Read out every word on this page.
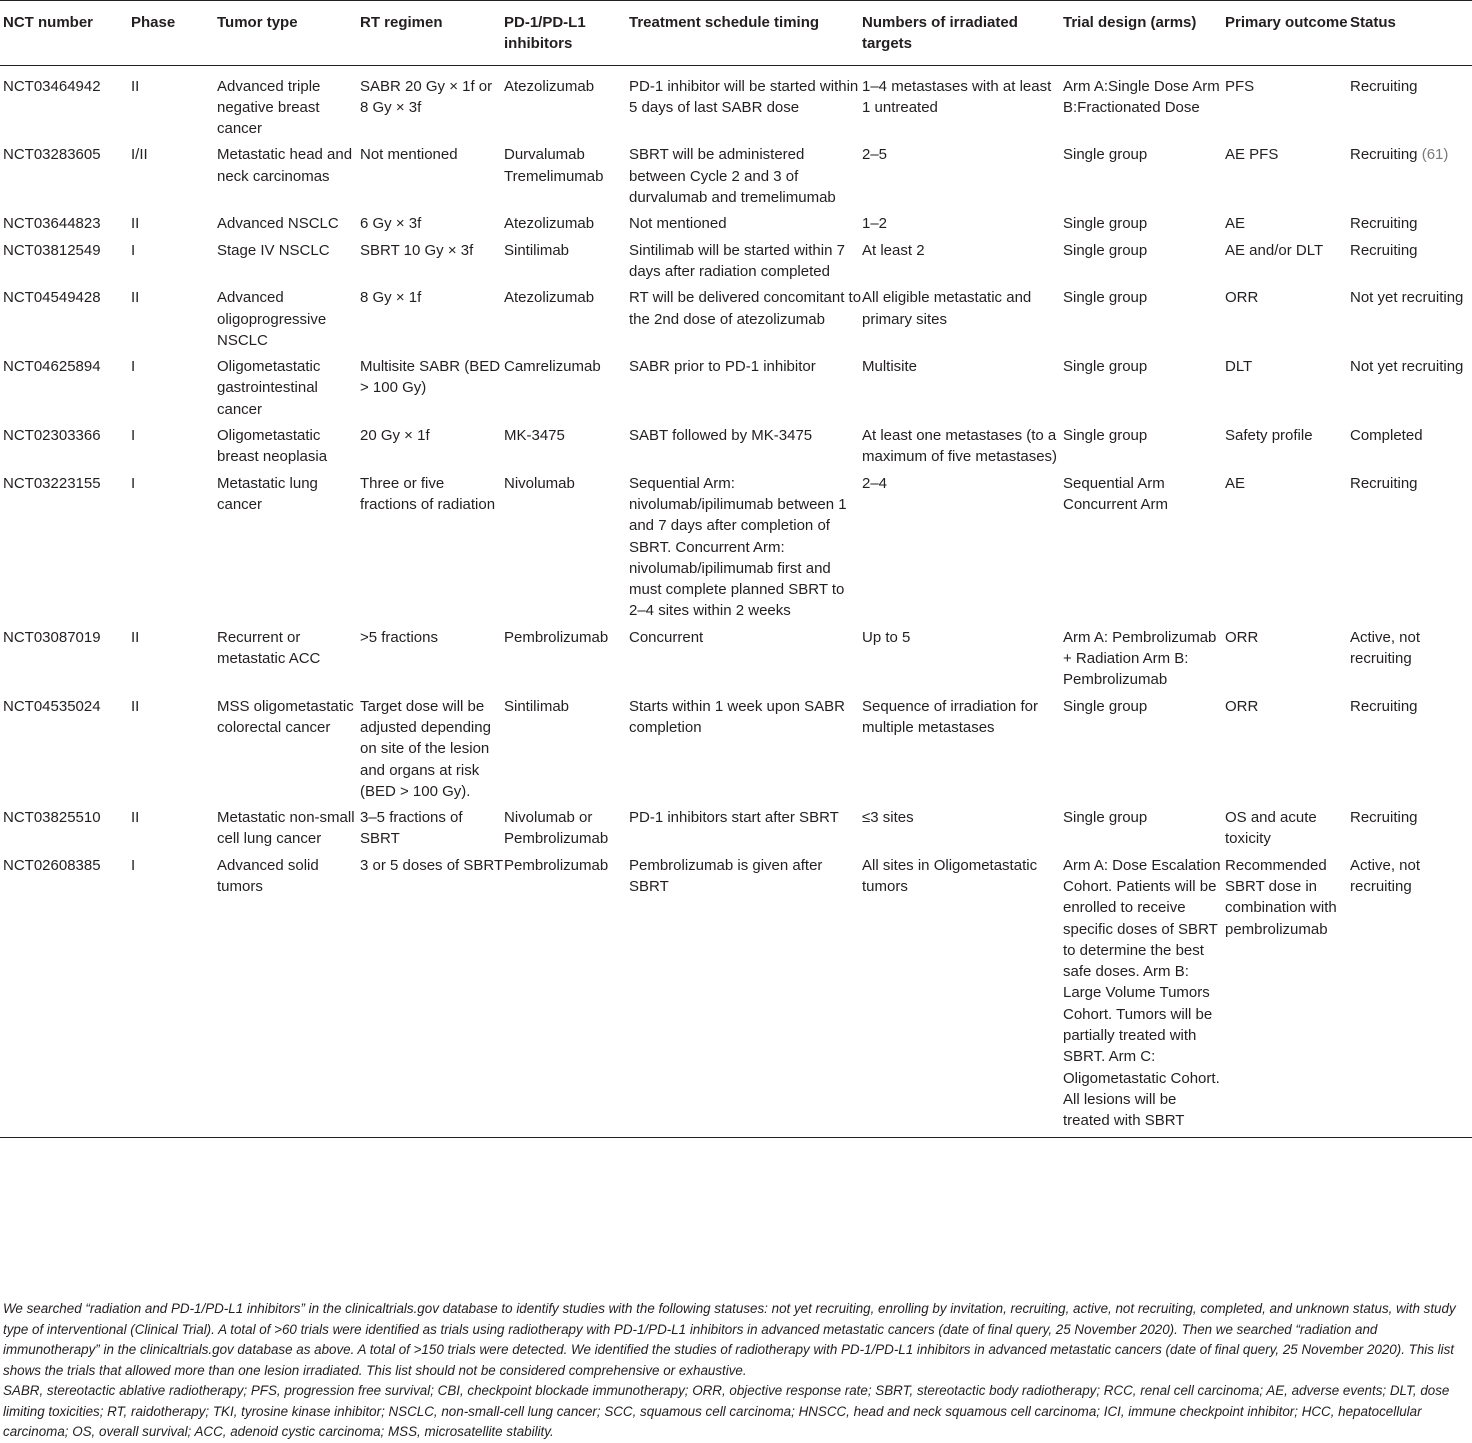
NCT number	Phase	Tumor type	RT regimen	PD-1/PD-L1 inhibitors	Treatment schedule timing	Numbers of irradiated targets	Trial design (arms)	Primary outcome	Status
NCT03464942	II	Advanced triple negative breast cancer	SABR 20 Gy × 1f or 8 Gy × 3f	Atezolizumab	PD-1 inhibitor will be started within 5 days of last SABR dose	1–4 metastases with at least 1 untreated	Arm A:Single Dose Arm B:Fractionated Dose	PFS	Recruiting
NCT03283605	I/II	Metastatic head and neck carcinomas	Not mentioned	Durvalumab Tremelimumab	SBRT will be administered between Cycle 2 and 3 of durvalumab and tremelimumab	2–5	Single group	AE PFS	Recruiting (61)
NCT03644823	II	Advanced NSCLC	6 Gy × 3f	Atezolizumab	Not mentioned	1–2	Single group	AE	Recruiting
NCT03812549	I	Stage IV NSCLC	SBRT 10 Gy × 3f	Sintilimab	Sintilimab will be started within 7 days after radiation completed	At least 2	Single group	AE and/or DLT	Recruiting
NCT04549428	II	Advanced oligoprogressive NSCLC	8 Gy × 1f	Atezolizumab	RT will be delivered concomitant to the 2nd dose of atezolizumab	All eligible metastatic and primary sites	Single group	ORR	Not yet recruiting
NCT04625894	I	Oligometastatic gastrointestinal cancer	Multisite SABR (BED > 100 Gy)	Camrelizumab	SABR prior to PD-1 inhibitor	Multisite	Single group	DLT	Not yet recruiting
NCT02303366	I	Oligometastatic breast neoplasia	20 Gy × 1f	MK-3475	SABT followed by MK-3475	At least one metastases (to a maximum of five metastases)	Single group	Safety profile	Completed
NCT03223155	I	Metastatic lung cancer	Three or five fractions of radiation	Nivolumab	Sequential Arm: nivolumab/ipilimumab between 1 and 7 days after completion of SBRT. Concurrent Arm: nivolumab/ipilimumab first and must complete planned SBRT to 2–4 sites within 2 weeks	2–4	Sequential Arm Concurrent Arm	AE	Recruiting
NCT03087019	II	Recurrent or metastatic ACC	>5 fractions	Pembrolizumab	Concurrent	Up to 5	Arm A: Pembrolizumab + Radiation Arm B: Pembrolizumab	ORR	Active, not recruiting
NCT04535024	II	MSS oligometastatic colorectal cancer	Target dose will be adjusted depending on site of the lesion and organs at risk (BED > 100 Gy).	Sintilimab	Starts within 1 week upon SABR completion	Sequence of irradiation for multiple metastases	Single group	ORR	Recruiting
NCT03825510	II	Metastatic non-small cell lung cancer	3–5 fractions of SBRT	Nivolumab or Pembrolizumab	PD-1 inhibitors start after SBRT	≤3 sites	Single group	OS and acute toxicity	Recruiting
NCT02608385	I	Advanced solid tumors	3 or 5 doses of SBRT	Pembrolizumab	Pembrolizumab is given after SBRT	All sites in Oligometastatic tumors	Arm A: Dose Escalation Cohort. Patients will be enrolled to receive specific doses of SBRT to determine the best safe doses. Arm B: Large Volume Tumors Cohort. Tumors will be partially treated with SBRT. Arm C: Oligometastatic Cohort. All lesions will be treated with SBRT	Recommended SBRT dose in combination with pembrolizumab	Active, not recruiting

We searched “radiation and PD-1/PD-L1 inhibitors” in the clinicaltrials.gov database to identify studies with the following statuses: not yet recruiting, enrolling by invitation, recruiting, active, not recruiting, completed, and unknown status, with study type of interventional (Clinical Trial). A total of >60 trials were identified as trials using radiotherapy with PD-1/PD-L1 inhibitors in advanced metastatic cancers (date of final query, 25 November 2020). Then we searched “radiation and immunotherapy” in the clinicaltrials.gov database as above. A total of >150 trials were detected. We identified the studies of radiotherapy with PD-1/PD-L1 inhibitors in advanced metastatic cancers (date of final query, 25 November 2020). This list shows the trials that allowed more than one lesion irradiated. This list should not be considered comprehensive or exhaustive.

SABR, stereotactic ablative radiotherapy; PFS, progression free survival; CBI, checkpoint blockade immunotherapy; ORR, objective response rate; SBRT, stereotactic body radiotherapy; RCC, renal cell carcinoma; AE, adverse events; DLT, dose limiting toxicities; RT, raidotherapy; TKI, tyrosine kinase inhibitor; NSCLC, non-small-cell lung cancer; SCC, squamous cell carcinoma; HNSCC, head and neck squamous cell carcinoma; ICI, immune checkpoint inhibitor; HCC, hepatocellular carcinoma; OS, overall survival; ACC, adenoid cystic carcinoma; MSS, microsatellite stability.
